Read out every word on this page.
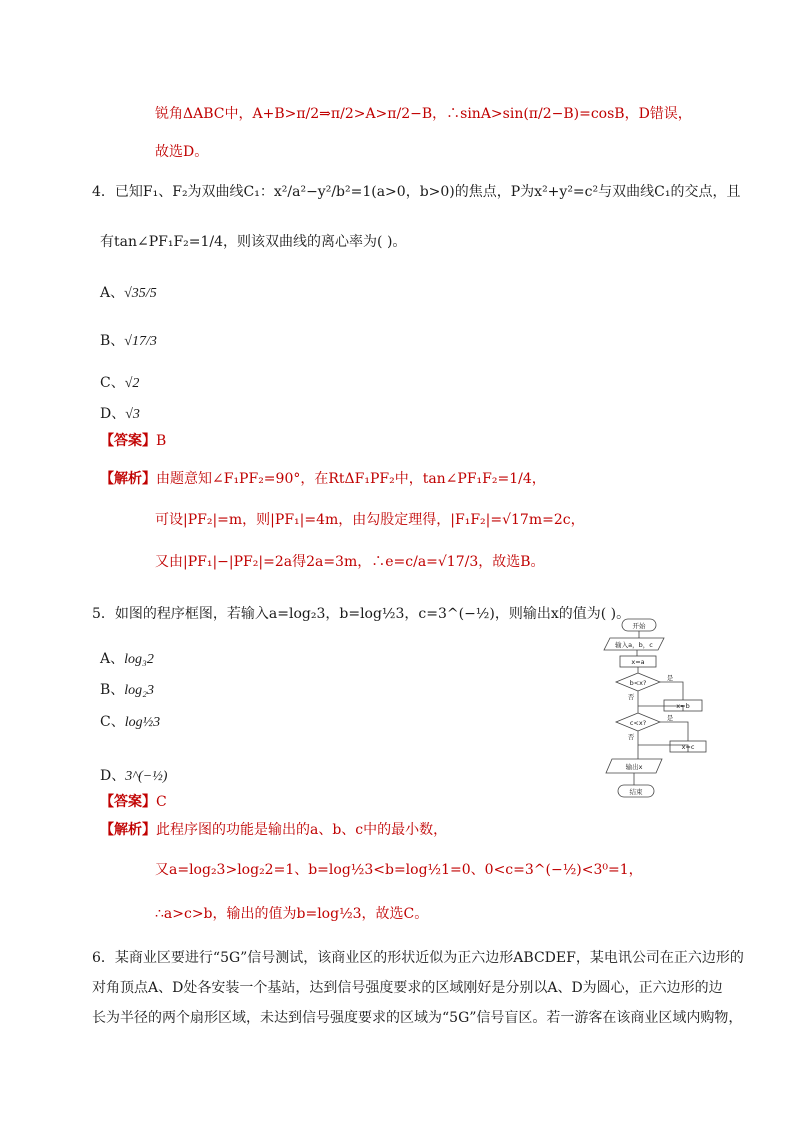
锐角ΔABC中，A+B>π/2⇒π/2>A>π/2−B，∴sinA>sin(π/2−B)=cosB，D错误，
故选D。
4．已知F₁、F₂为双曲线C₁：x²/a²−y²/b²=1(a>0，b>0)的焦点，P为x²+y²=c²与双曲线C₁的交点，且
有tan∠PF₁F₂=1/4，则该双曲线的离心率为( )。
A、√35/5
B、√17/3
C、√2
D、√3
【答案】B
【解析】由题意知∠F₁PF₂=90°，在RtΔF₁PF₂中，tan∠PF₁F₂=1/4，
可设|PF₂|=m，则|PF₁|=4m，由勾股定理得，|F₁F₂|=√17m=2c，
又由|PF₁|−|PF₂|=2a得2a=3m，∴e=c/a=√17/3，故选B。
5．如图的程序框图，若输入a=log₂3，b=log½3，c=3^(−½)，则输出x的值为( )。
A、log₃2
B、log₂3
C、log½3
D、3^(−½)
【答案】C
【解析】此程序图的功能是输出的a、b、c中的最小数，
又a=log₂3>log₂2=1、b=log½3<b=log½1=0、0<c=3^(−½)<3⁰=1，
∴a>c>b，输出的值为b=log½3，故选C。
开始
输入a，b，c
x=a
b<x?
是
否
x=b
c<x?
是
否
x=c
输出x
结束
6．某商业区要进行“5G”信号测试，该商业区的形状近似为正六边形ABCDEF，某电讯公司在正六边形的
对角顶点A、D处各安装一个基站，达到信号强度要求的区域刚好是分别以A、D为圆心，正六边形的边
长为半径的两个扇形区域，未达到信号强度要求的区域为“5G”信号盲区。若一游客在该商业区域内购物，
